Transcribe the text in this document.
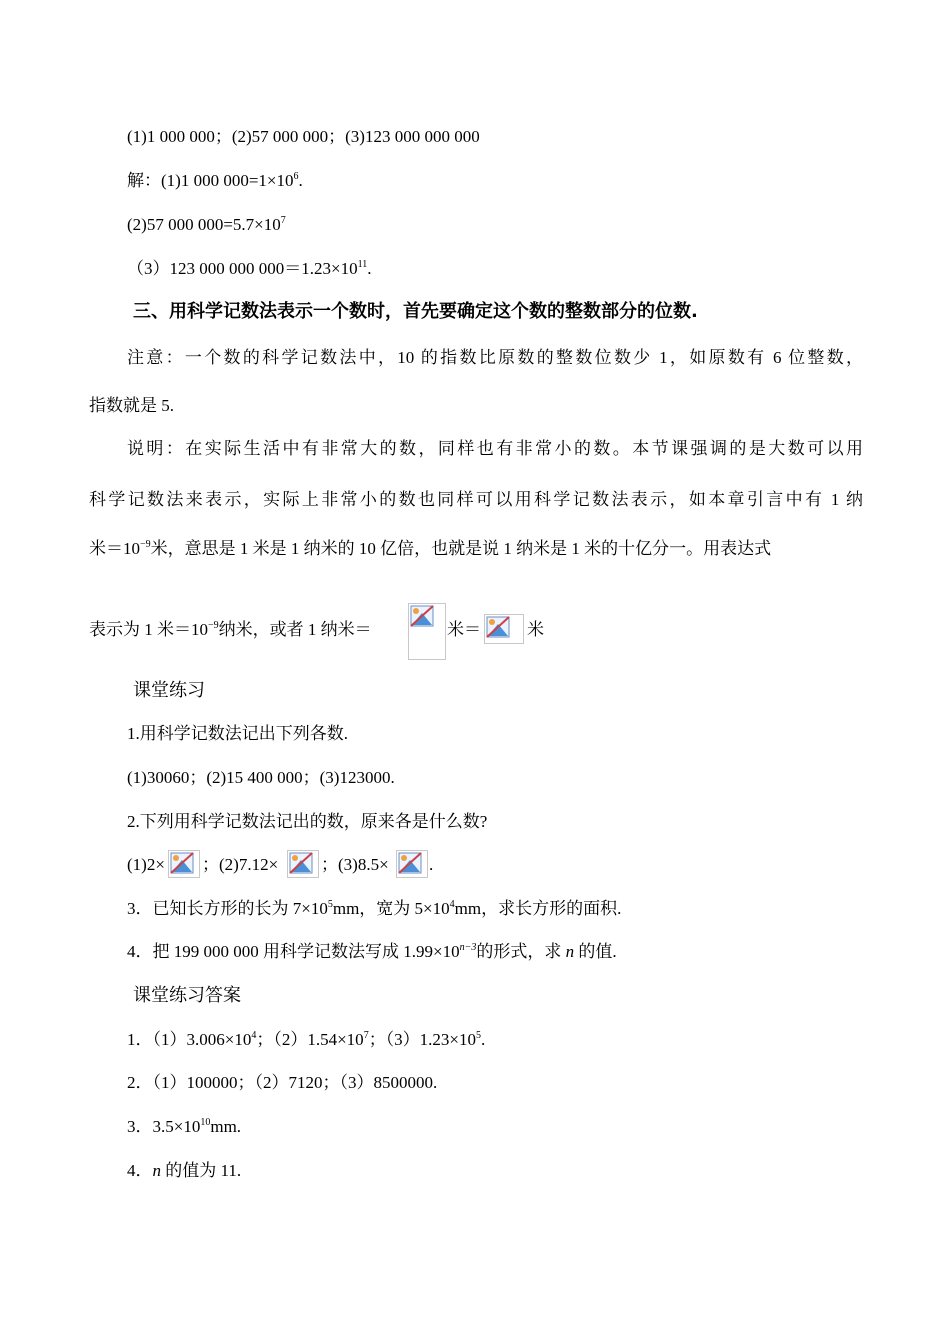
(1)1 000 000；(2)57 000 000；(3)123 000 000 000
解：(1)1 000 $000=1\times 10^6$.
(2)57 000 $000=5.7\times 10^7$
（3）123 000 000 $000=1.23\times 10^{11}$.
三、用科学记数法表示一个数时，首先要确定这个数的整数部分的位数.
注意：一个数的科学记数法中，10 的指数比原数的整数位数少 1，如原数有 6 位整数，
指数就是 5.
说明：在实际生活中有非常大的数，同样也有非常小的数。本节课强调的是大数可以用
科学记数法来表示，实际上非常小的数也同样可以用科学记数法表示，如本章引言中有 1 纳
米$=10^{-9}$米，意思是 1 米是 1 纳米的 10 亿倍，也就是说 1 纳米是 1 米的十亿分一。用表达式
表示为 1 米$=10^{-9}$纳米，或者 1 纳米＝	米＝	米
课堂练习
1.用科学记数法记出下列各数.
(1)30060；(2)15 400 000；(3)123000.
2.下列用科学记数法记出的数，原来各是什么数?
(1)2× ；(2)7.12×	；(3)8.5× .
3．已知长方形的长为 $7\times 10^5mm$，宽为 $5\times 10^4mm$，求长方形的面积.
4．把 199 000 000 用科学记数法写成 $1.99\times 10^{n-3}$的形式，求 n 的值.
课堂练习答案
1．$(1)3.006\times 10^4$；$(2)1.54\times 10^7$；$(3)1.23\times 10^5$.
2．（1）100000；（2）7120；（3）8500000.
3．$3.5\times 10^{10}mm$.
4．n 的值为 11.
